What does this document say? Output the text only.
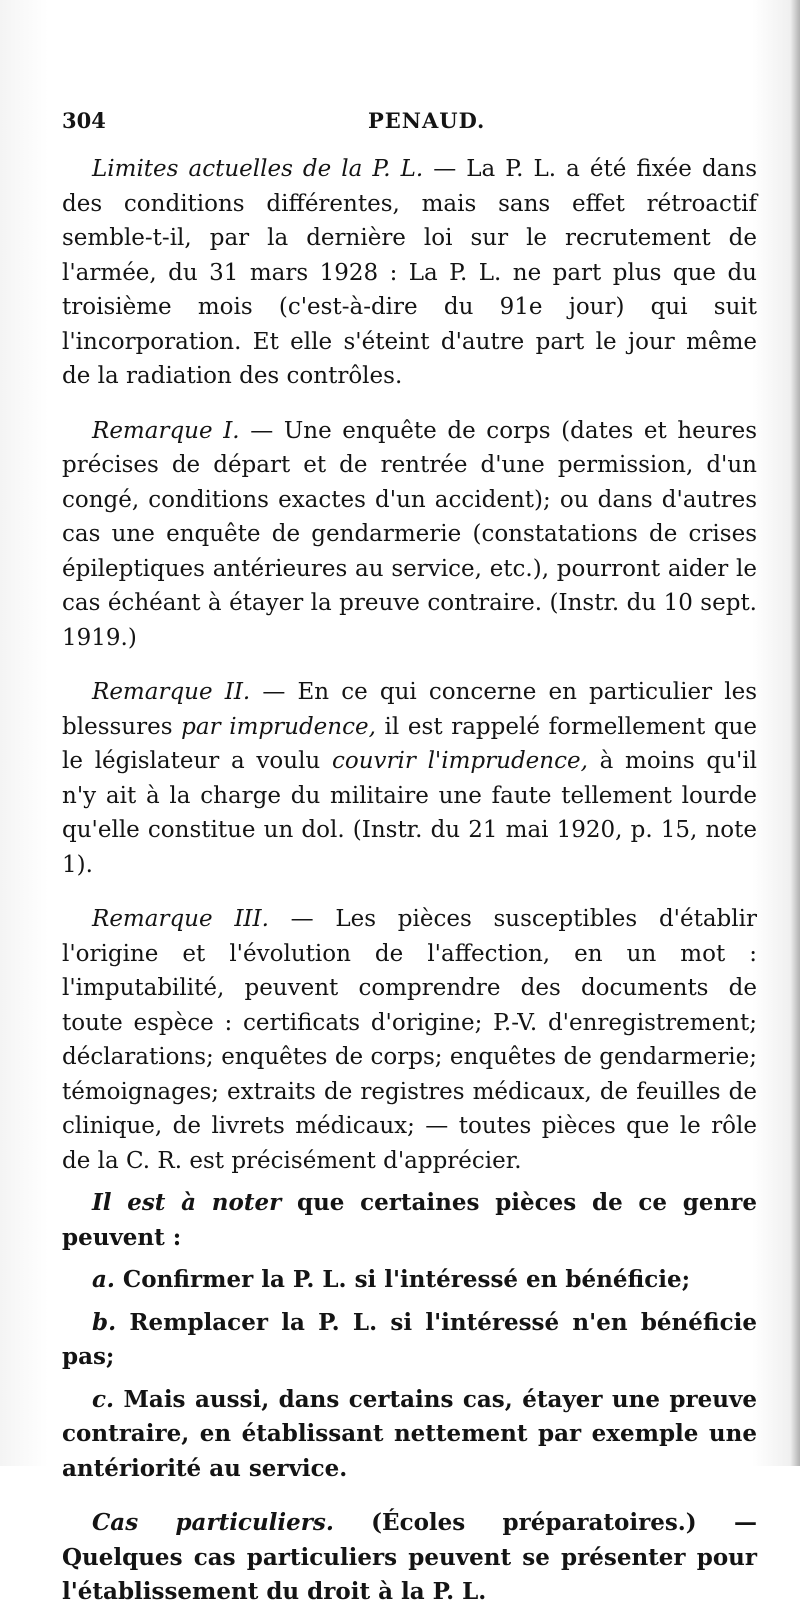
304	PENAUD.

Limites actuelles de la P. L. — La P. L. a été fixée dans des conditions différentes, mais sans effet rétroactif semble-t-il, par la dernière loi sur le recrutement de l'armée, du 31 mars 1928 : La P. L. ne part plus que du troisième mois (c'est-à-dire du 91e jour) qui suit l'incorporation. Et elle s'éteint d'autre part le jour même de la radiation des contrôles.

Remarque I. — Une enquête de corps (dates et heures précises de départ et de rentrée d'une permission, d'un congé, conditions exactes d'un accident); ou dans d'autres cas une enquête de gendarmerie (constatations de crises épileptiques antérieures au service, etc.), pourront aider le cas échéant à étayer la preuve contraire. (Instr. du 10 sept. 1919.)

Remarque II. — En ce qui concerne en particulier les blessures par imprudence, il est rappelé formellement que le législateur a voulu couvrir l'imprudence, à moins qu'il n'y ait à la charge du militaire une faute tellement lourde qu'elle constitue un dol. (Instr. du 21 mai 1920, p. 15, note 1).

Remarque III. — Les pièces susceptibles d'établir l'origine et l'évolution de l'affection, en un mot : l'imputabilité, peuvent comprendre des documents de toute espèce : certificats d'origine; P.-V. d'enregistrement; déclarations; enquêtes de corps; enquêtes de gendarmerie; témoignages; extraits de registres médicaux, de feuilles de clinique, de livrets médicaux; — toutes pièces que le rôle de la C. R. est précisément d'apprécier.

Il est à noter que certaines pièces de ce genre peuvent :

a. Confirmer la P. L. si l'intéressé en bénéficie;

b. Remplacer la P. L. si l'intéressé n'en bénéficie pas;

c. Mais aussi, dans certains cas, étayer une preuve contraire, en établissant nettement par exemple une antériorité au service.

Cas particuliers. (Écoles préparatoires.) — Quelques cas particuliers peuvent se présenter pour l'établissement du droit à la P. L.
